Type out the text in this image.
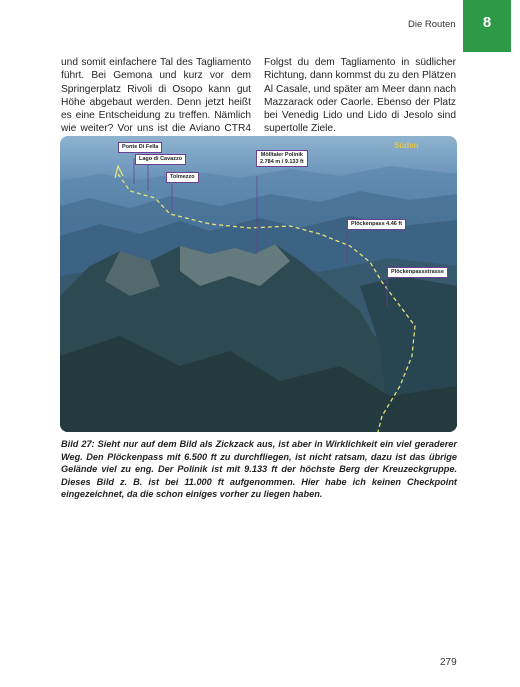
Die Routen	8
und somit einfachere Tal des Tagliamento führt. Bei Gemona und kurz vor dem Springerplatz Rivoli di Osopo kann gut Höhe abgebaut werden. Denn jetzt heißt es eine Entscheidung zu treffen. Nämlich wie weiter? Vor uns ist die Aviano CTR4
Folgst du dem Tagliamento in südlicher Richtung, dann kommst du zu den Plätzen Al Casale, und später am Meer dann nach Mazzarack oder Caorle. Ebenso der Platz bei Venedig Lido und Lido di Jesolo sind supertolle Ziele.
Ponte Di Fella
Lago di Cavazzo
Tolmezzo
Mölltaler Polinik
2.784 m / 9.133 ft
Plöckenpass 4.46 ft
Plöckenpassstrasse
Süden
Bild 27: Sieht nur auf dem Bild als Zickzack aus, ist aber in Wirklichkeit ein viel geraderer Weg. Den Plöckenpass mit 6.500 ft zu durchfliegen, ist nicht ratsam, dazu ist das übrige Gelände viel zu eng. Der Polinik ist mit 9.133 ft der höchste Berg der Kreuzeckgruppe. Dieses Bild z. B. ist bei 11.000 ft aufgenommen. Hier habe ich keinen Checkpoint eingezeichnet, da die schon einiges vorher zu liegen haben.
279
